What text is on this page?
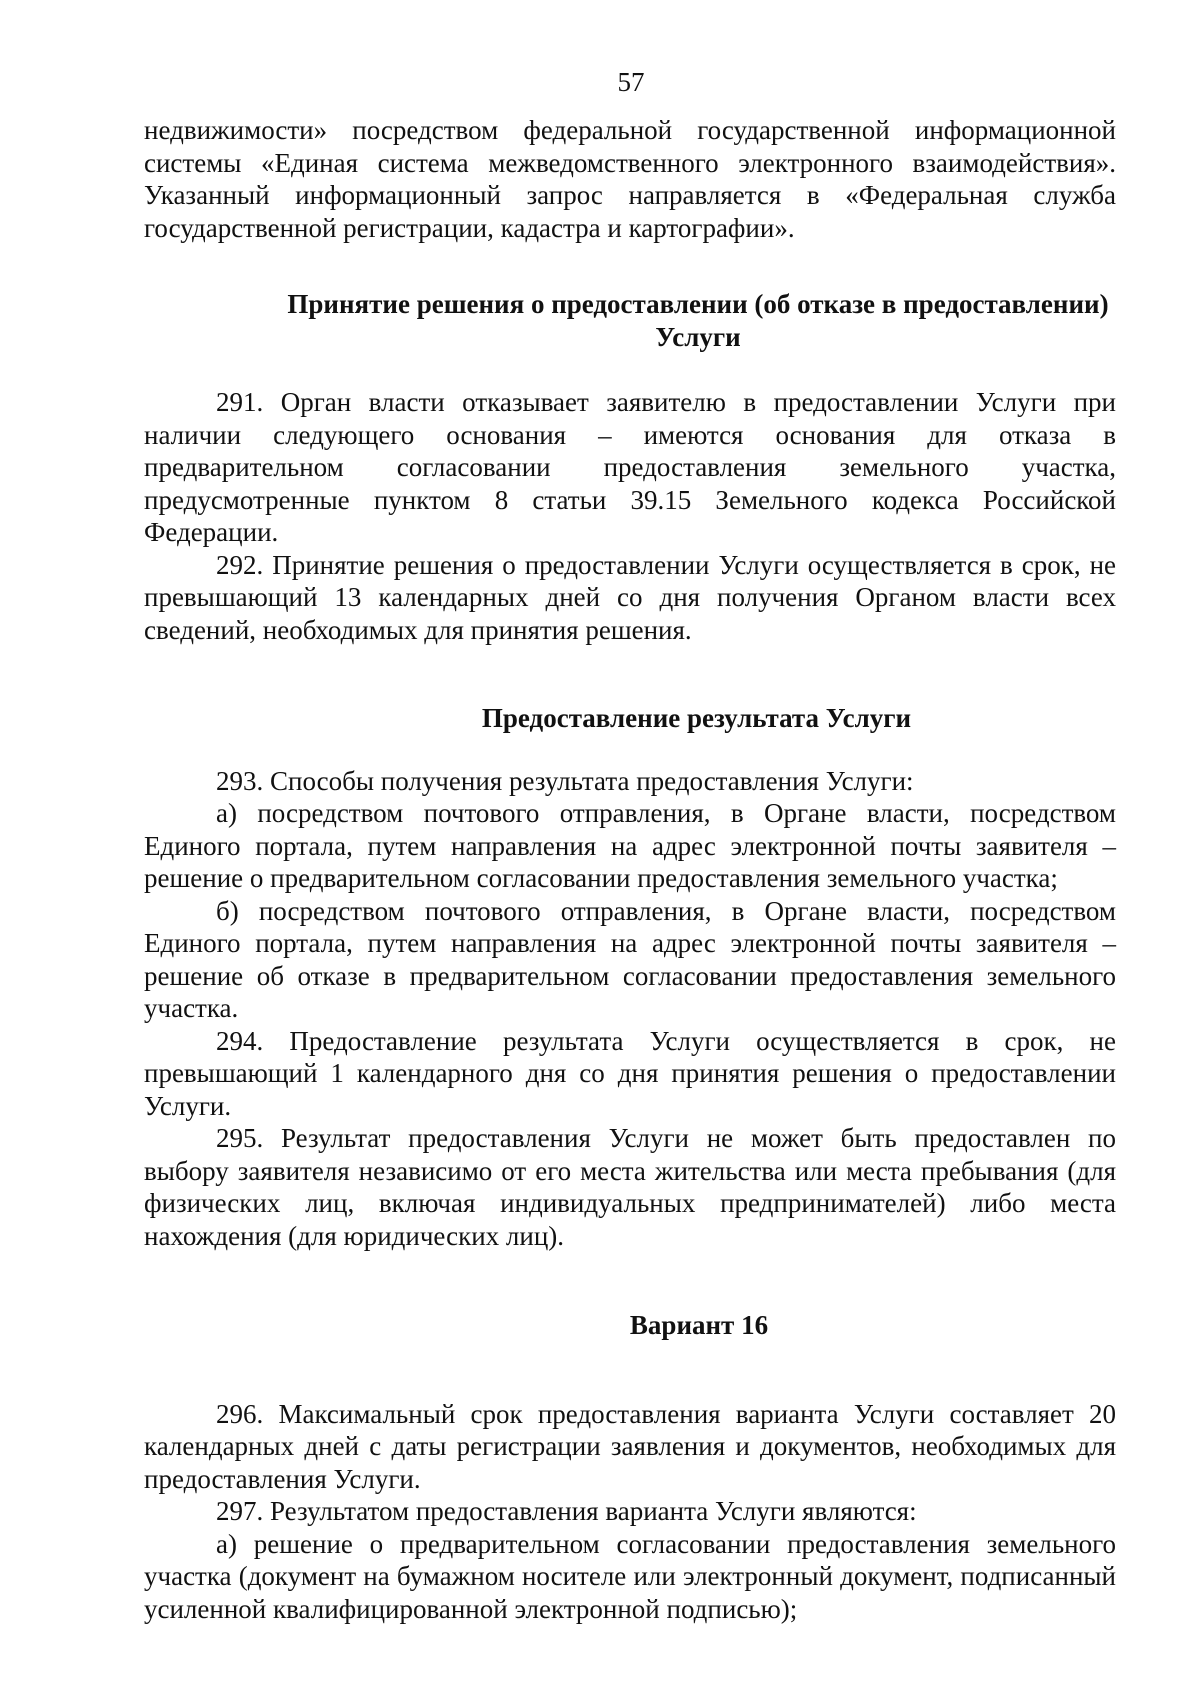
57

недвижимости» посредством федеральной государственной информационной системы «Единая система межведомственного электронного взаимодействия». Указанный информационный запрос направляется в «Федеральная служба государственной регистрации, кадастра и картографии».

Принятие решения о предоставлении (об отказе в предоставлении)
Услуги

291. Орган власти отказывает заявителю в предоставлении Услуги при наличии следующего основания – имеются основания для отказа в предварительном согласовании предоставления земельного участка, предусмотренные пунктом 8 статьи 39.15 Земельного кодекса Российской Федерации.

292. Принятие решения о предоставлении Услуги осуществляется в срок, не превышающий 13 календарных дней со дня получения Органом власти всех сведений, необходимых для принятия решения.

Предоставление результата Услуги

293. Способы получения результата предоставления Услуги:

а) посредством почтового отправления, в Органе власти, посредством Единого портала, путем направления на адрес электронной почты заявителя – решение о предварительном согласовании предоставления земельного участка;

б) посредством почтового отправления, в Органе власти, посредством Единого портала, путем направления на адрес электронной почты заявителя – решение об отказе в предварительном согласовании предоставления земельного участка.

294. Предоставление результата Услуги осуществляется в срок, не превышающий 1 календарного дня со дня принятия решения о предоставлении Услуги.

295. Результат предоставления Услуги не может быть предоставлен по выбору заявителя независимо от его места жительства или места пребывания (для физических лиц, включая индивидуальных предпринимателей) либо места нахождения (для юридических лиц).

Вариант 16

296. Максимальный срок предоставления варианта Услуги составляет 20 календарных дней с даты регистрации заявления и документов, необходимых для предоставления Услуги.

297. Результатом предоставления варианта Услуги являются:

а) решение о предварительном согласовании предоставления земельного участка (документ на бумажном носителе или электронный документ, подписанный усиленной квалифицированной электронной подписью);
